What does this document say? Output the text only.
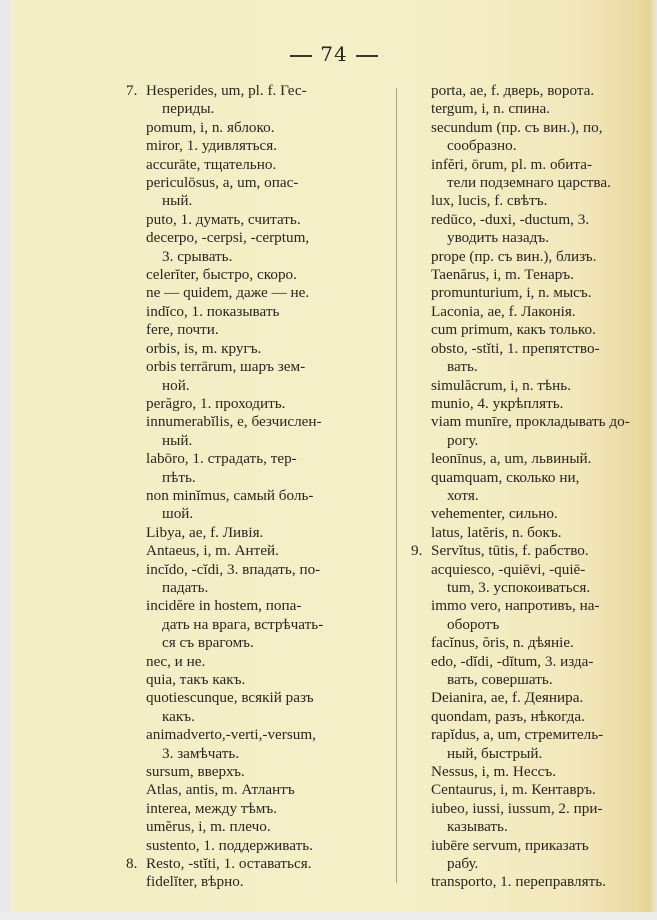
74
7. Hesperides, um, pl. f. Гес-
периды.
pomum, i, n. яблоко.
miror, 1. удивляться.
accurāte, тщательно.
periculōsus, a, um, опас-
ный.
puto, 1. думать, считать.
decerpo, -cerpsi, -cerptum,
3. срывать.
celerĭter, быстро, скоро.
ne — quidem, даже — не.
indĭco, 1. показывать
fere, почти.
orbis, is, m. кругъ.
orbis terrārum, шаръ зем-
ной.
perăgro, 1. проходить.
innumerabĭlis, e, безчислен-
ный.
labōro, 1. страдать, тер-
пѣть.
non minĭmus, самый боль-
шой.
Libya, ae, f. Ливія.
Antaeus, i, m. Антей.
incĭdo, -cĭdi, 3. впадать, по-
падать.
incidĕre in hostem, попа-
дать на врага, встрѣчать-
ся съ врагомъ.
nec, и не.
quia, такъ какъ.
quotiescunque, всякій разъ
какъ.
animadverto,-verti,-versum,
3. замѣчать.
sursum, вверхъ.
Atlas, antis, m. Атлантъ
interea, между тѣмъ.
umĕrus, i, m. плечо.
sustento, 1. поддерживать.
8. Resto, -stĭti, 1. оставаться.
fidelĭter, вѣрно.
porta, ae, f. дверь, ворота.
tergum, i, n. спина.
secundum (пр. съ вин.), по,
сообразно.
infĕri, ōrum, pl. m. обита-
тели подземнаго царства.
lux, lucis, f. свѣтъ.
redūco, -duxi, -ductum, 3.
уводить назадъ.
prope (пр. съ вин.), близъ.
Taenărus, i, m. Тенаръ.
promunturium, i, n. мысъ.
Laconia, ae, f. Лаконія.
cum primum, какъ только.
obsto, -stĭti, 1. препятство-
вать.
simulăcrum, i, n. тѣнь.
munio, 4. укрѣплять.
viam munīre, прокладывать до-
рогу.
leonīnus, a, um, львиный.
quamquam, сколько ни,
хотя.
vehementer, сильно.
latus, latĕris, n. бокъ.
9. Servĭtus, tūtis, f. рабство.
acquiesco, -quiēvi, -quiē-
tum, 3. успокоиваться.
immo vero, напротивъ, на-
оборотъ
facĭnus, ŏris, n. дѣяніе.
edo, -dĭdi, -dĭtum, 3. изда-
вать, совершать.
Deianira, ae, f. Деянира.
quondam, разъ, нѣкогда.
rapĭdus, a, um, стремитель-
ный, быстрый.
Nessus, i, m. Нессъ.
Centaurus, i, m. Кентавръ.
iubeo, iussi, iussum, 2. при-
казывать.
iubēre servum, приказать
рабу.
transporto, 1. переправлять.
